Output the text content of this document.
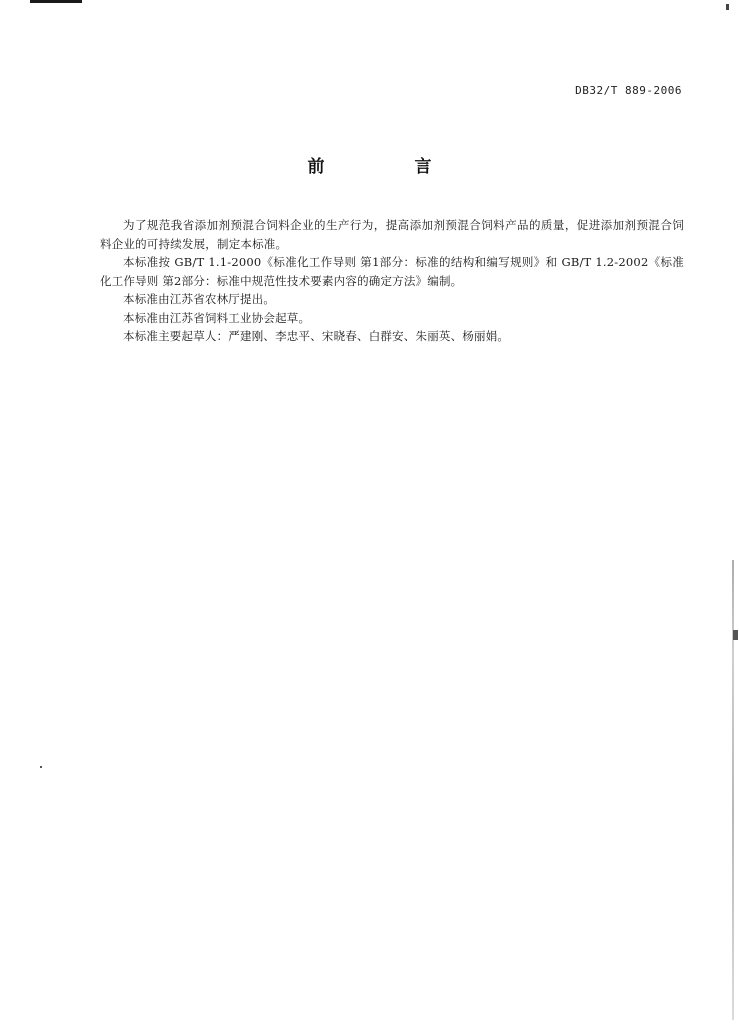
DB32/T 889-2006
前 言

为了规范我省添加剂预混合饲料企业的生产行为，提高添加剂预混合饲料产品的质量，促进添加剂预混合饲料企业的可持续发展，制定本标准。

本标准按 GB/T 1.1-2000《标准化工作导则 第1部分：标准的结构和编写规则》和 GB/T 1.2-2002《标准化工作导则 第2部分：标准中规范性技术要素内容的确定方法》编制。

本标准由江苏省农林厅提出。

本标准由江苏省饲料工业协会起草。

本标准主要起草人：严建刚、李忠平、宋晓春、白群安、朱丽英、杨丽娟。
